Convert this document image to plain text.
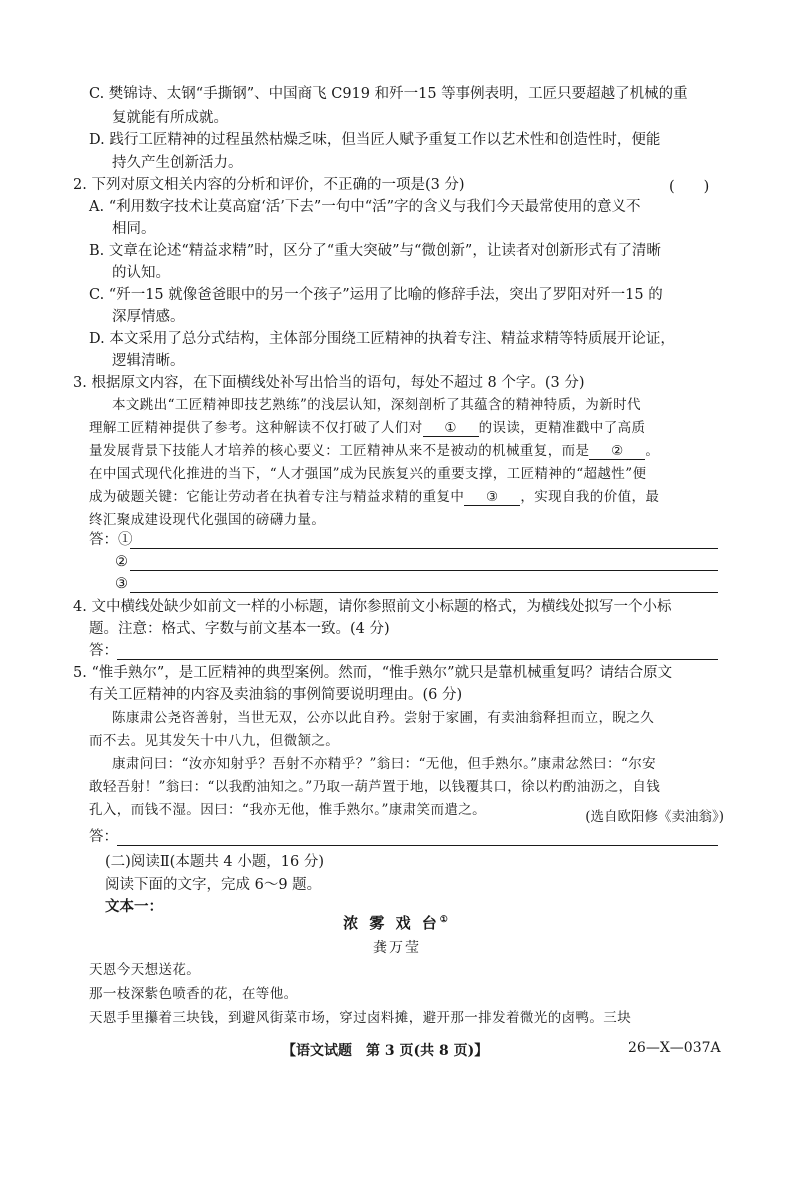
C. 樊锦诗、太钢“手撕钢”、中国商飞 C919 和歼一15 等事例表明，工匠只要超越了机械的重
复就能有所成就。
D. 践行工匠精神的过程虽然枯燥乏味，但当匠人赋予重复工作以艺术性和创造性时，便能
持久产生创新活力。
2. 下列对原文相关内容的分析和评价，不正确的一项是(3 分)	(　　)
A. “利用数字技术让莫高窟‘活’下去”一句中“活”字的含义与我们今天最常使用的意义不
相同。
B. 文章在论述“精益求精”时，区分了“重大突破”与“微创新”，让读者对创新形式有了清晰
的认知。
C. “歼一15 就像爸爸眼中的另一个孩子”运用了比喻的修辞手法，突出了罗阳对歼一15 的
深厚情感。
D. 本文采用了总分式结构，主体部分围绕工匠精神的执着专注、精益求精等特质展开论证，
逻辑清晰。
3. 根据原文内容，在下面横线处补写出恰当的语句，每处不超过 8 个字。(3 分)
本文跳出“工匠精神即技艺熟练”的浅层认知，深刻剖析了其蕴含的精神特质，为新时代
理解工匠精神提供了参考。这种解读不仅打破了人们对 ① 的误读，更精准戳中了高质
量发展背景下技能人才培养的核心要义：工匠精神从来不是被动的机械重复，而是 ② 。
在中国式现代化推进的当下，“人才强国”成为民族复兴的重要支撑，工匠精神的“超越性”便
成为破题关键：它能让劳动者在执着专注与精益求精的重复中 ③ ，实现自我的价值，最
终汇聚成建设现代化强国的磅礴力量。
答：①
②
③
4. 文中横线处缺少如前文一样的小标题，请你参照前文小标题的格式，为横线处拟写一个小标
题。注意：格式、字数与前文基本一致。(4 分)
答：
5. “惟手熟尔”，是工匠精神的典型案例。然而，“惟手熟尔”就只是靠机械重复吗？请结合原文
有关工匠精神的内容及卖油翁的事例简要说明理由。(6 分)
陈康肃公尧咨善射，当世无双，公亦以此自矜。尝射于家圃，有卖油翁释担而立，睨之久
而不去。见其发矢十中八九，但微颔之。
康肃问曰：“汝亦知射乎？吾射不亦精乎？”翁曰：“无他，但手熟尔。”康肃忿然曰：“尔安
敢轻吾射！”翁曰：“以我酌油知之。”乃取一葫芦置于地，以钱覆其口，徐以杓酌油沥之，自钱
孔入，而钱不湿。因曰：“我亦无他，惟手熟尔。”康肃笑而遣之。	(选自欧阳修《卖油翁》)
答：
(二)阅读Ⅱ(本题共 4 小题，16 分)
阅读下面的文字，完成 6～9 题。
文本一：
浓 雾 戏 台①
龚万莹
天恩今天想送花。
那一枝深紫色喷香的花，在等他。
天恩手里攥着三块钱，到避风街菜市场，穿过卤料摊，避开那一排发着微光的卤鸭。三块
【语文试题　第 3 页(共 8 页)】	26—X—037A
